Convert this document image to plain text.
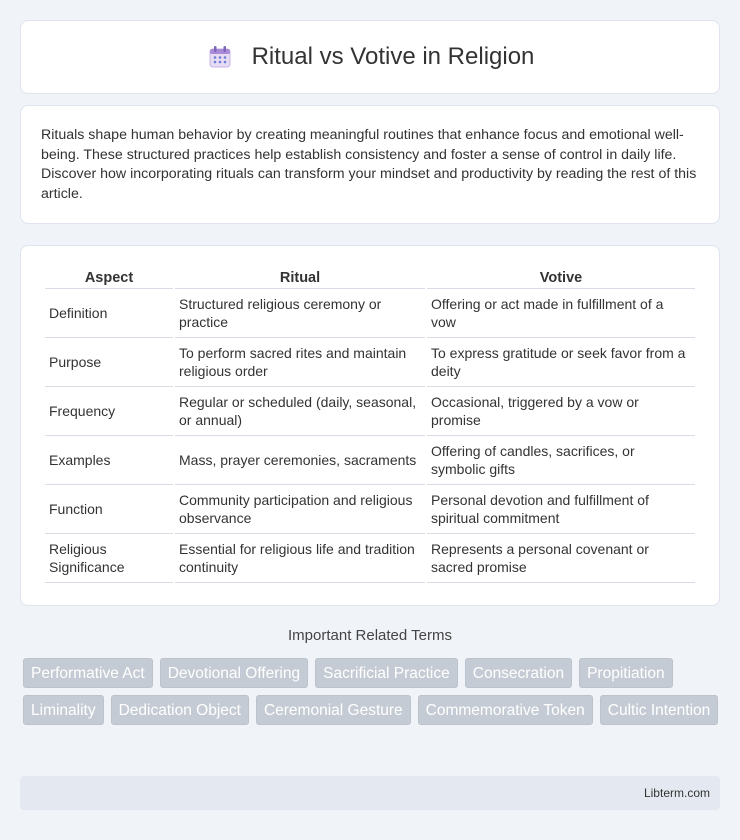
Ritual vs Votive in Religion

Rituals shape human behavior by creating meaningful routines that enhance focus and emotional well-being. These structured practices help establish consistency and foster a sense of control in daily life. Discover how incorporating rituals can transform your mindset and productivity by reading the rest of this article.

Aspect	Ritual	Votive
Definition	Structured religious ceremony or practice	Offering or act made in fulfillment of a vow
Purpose	To perform sacred rites and maintain religious order	To express gratitude or seek favor from a deity
Frequency	Regular or scheduled (daily, seasonal, or annual)	Occasional, triggered by a vow or promise
Examples	Mass, prayer ceremonies, sacraments	Offering of candles, sacrifices, or symbolic gifts
Function	Community participation and religious observance	Personal devotion and fulfillment of spiritual commitment
Religious Significance	Essential for religious life and tradition continuity	Represents a personal covenant or sacred promise
Important Related Terms
Performative Act	Devotional Offering	Sacrificial Practice	Consecration	Propitiation
Liminality	Dedication Object	Ceremonial Gesture	Commemorative Token	Cultic Intention
Libterm.com
